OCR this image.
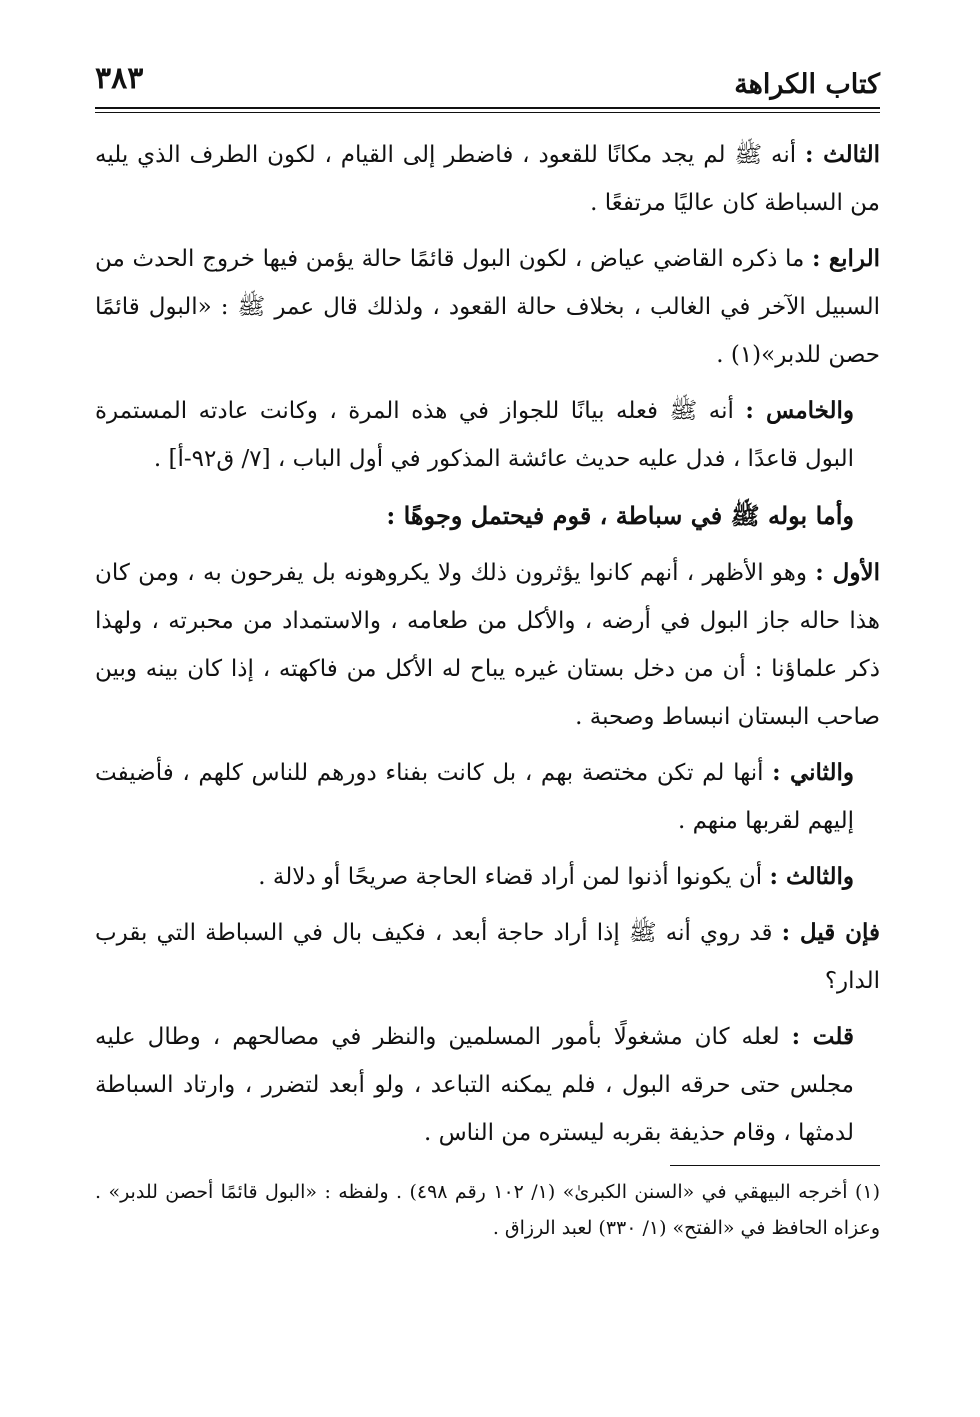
كتاب الكراهة
٣٨٣

الثالث : أنه ﷺ لم يجد مكانًا للقعود ، فاضطر إلى القيام ، لكون الطرف الذي يليه من السباطة كان عاليًا مرتفعًا .

الرابع : ما ذكره القاضي عياض ، لكون البول قائمًا حالة يؤمن فيها خروج الحدث من السبيل الآخر في الغالب ، بخلاف حالة القعود ، ولذلك قال عمر ﷺ : «البول قائمًا حصن للدبر»(١) .

والخامس : أنه ﷺ فعله بيانًا للجواز في هذه المرة ، وكانت عادته المستمرة البول قاعدًا ، فدل عليه حديث عائشة المذكور في أول الباب ، [٧/ ق٩٢-أ] .

وأما بوله ﷺ في سباطة ، قوم فيحتمل وجوهًا :

الأول : وهو الأظهر ، أنهم كانوا يؤثرون ذلك ولا يكروهونه بل يفرحون به ، ومن كان هذا حاله جاز البول في أرضه ، والأكل من طعامه ، والاستمداد من محبرته ، ولهذا ذكر علماؤنا : أن من دخل بستان غيره يباح له الأكل من فاكهته ، إذا كان بينه وبين صاحب البستان انبساط وصحبة .

والثاني : أنها لم تكن مختصة بهم ، بل كانت بفناء دورهم للناس كلهم ، فأضيفت إليهم لقربها منهم .

والثالث : أن يكونوا أذنوا لمن أراد قضاء الحاجة صريحًا أو دلالة .

فإن قيل : قد روي أنه ﷺ إذا أراد حاجة أبعد ، فكيف بال في السباطة التي بقرب الدار؟

قلت : لعله كان مشغولًا بأمور المسلمين والنظر في مصالحهم ، وطال عليه مجلس حتى حرقه البول ، فلم يمكنه التباعد ، ولو أبعد لتضرر ، وارتاد السباطة لدمثها ، وقام حذيفة بقربه ليستره من الناس .

(١) أخرجه البيهقي في «السنن الكبرىٰ» (١/ ١٠٢ رقم ٤٩٨) . ولفظه : «البول قائمًا أحصن للدبر» . وعزاه الحافظ في «الفتح» (١/ ٣٣٠) لعبد الرزاق .
